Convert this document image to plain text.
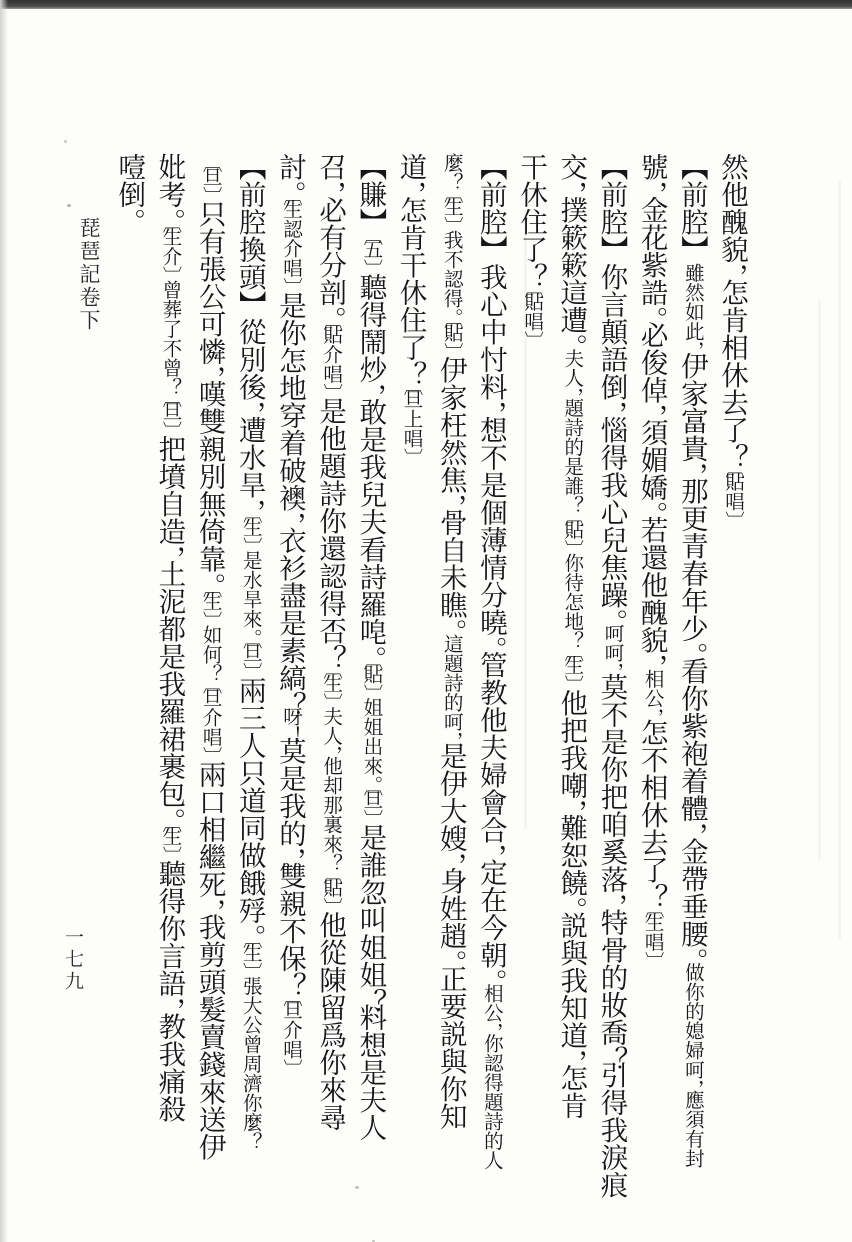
琵琶記卷下
一七九
然他醜貌，怎肯相休去了？〔貼唱〕
【前腔】雖然如此，伊家富貴，那更青春年少。看你紫袍着體，金帶垂腰。做你的媳婦呵，應須有封
號，金花紫誥。必俊倬，須媚嬌。若還他醜貌，相公，怎不相休去了？〔生唱〕
【前腔】你言顛語倒，惱得我心兒焦躁。呵呵，莫不是你把咱奚落，特骨的妝喬？引得我淚痕
交，撲簌簌這遭。夫人，題詩的是誰？〔貼〕你待怎地？〔生〕他把我嘲，難恕饒。説與我知道，怎肯
干休住了？〔貼唱〕
【前腔】我心中忖料，想不是個薄情分曉。管教他夫婦會合，定在今朝。相公，你認得題詩的人
麼？〔生〕我不認得。〔貼〕伊家枉然焦，骨自未瞧。這題詩的呵，是伊大嫂，身姓趙。正要説與你知
道，怎肯干休住了？〔旦上唱〕
【賺】〔五〕聽得鬧炒，敢是我兒夫看詩羅唣。〔貼〕姐姐出來。〔旦〕是誰忽叫姐姐？料想是夫人
召，必有分剖。〔貼介唱〕是他題詩你還認得否？〔生〕夫人，他却那裏來？〔貼〕他從陳留爲你來尋
討。〔生認介唱〕是你怎地穿着破襖，衣衫盡是素縞？呀！莫是我的，雙親不保？〔旦介唱〕
【前腔換頭】從別後，遭水旱，〔生〕是水旱來。〔旦〕兩三人只道同做餓殍。〔生〕張大公曾周濟你麼？
〔旦〕只有張公可憐，嘆雙親別無倚靠。〔生〕如何？〔旦介唱〕兩口相繼死，我剪頭髮賣錢來送伊
妣考。〔生介〕曾葬了不曾？〔旦〕把墳自造，土泥都是我羅裙裹包。〔生〕聽得你言語，教我痛殺
噎倒。
